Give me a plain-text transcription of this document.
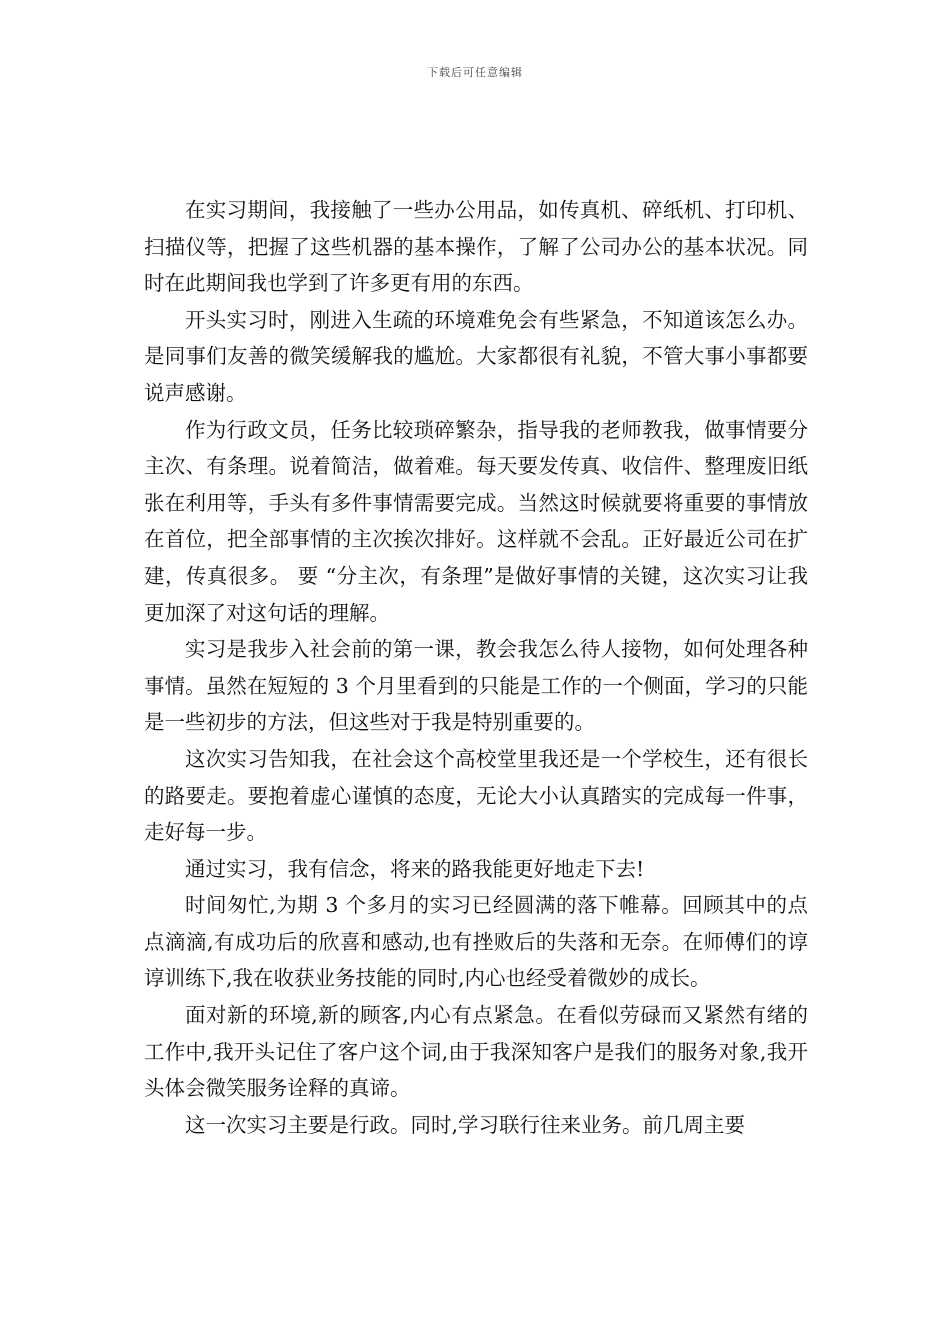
下载后可任意编辑

在实习期间，我接触了一些办公用品，如传真机、碎纸机、打印机、扫描仪等，把握了这些机器的基本操作，了解了公司办公的基本状况。同时在此期间我也学到了许多更有用的东西。

开头实习时，刚进入生疏的环境难免会有些紧急，不知道该怎么办。是同事们友善的微笑缓解我的尴尬。大家都很有礼貌，不管大事小事都要说声感谢。

作为行政文员，任务比较琐碎繁杂，指导我的老师教我，做事情要分主次、有条理。说着简洁，做着难。每天要发传真、收信件、整理废旧纸张在利用等，手头有多件事情需要完成。当然这时候就要将重要的事情放在首位，把全部事情的主次挨次排好。这样就不会乱。正好最近公司在扩建，传真很多。 要 “分主次，有条理”是做好事情的关键，这次实习让我更加深了对这句话的理解。

实习是我步入社会前的第一课，教会我怎么待人接物，如何处理各种事情。虽然在短短的 3 个月里看到的只能是工作的一个侧面，学习的只能是一些初步的方法，但这些对于我是特别重要的。

这次实习告知我，在社会这个高校堂里我还是一个学校生，还有很长的路要走。要抱着虚心谨慎的态度，无论大小认真踏实的完成每一件事，走好每一步。

通过实习，我有信念，将来的路我能更好地走下去!

时间匆忙,为期 3 个多月的实习已经圆满的落下帷幕。回顾其中的点点滴滴,有成功后的欣喜和感动,也有挫败后的失落和无奈。在师傅们的谆谆训练下,我在收获业务技能的同时,内心也经受着微妙的成长。

面对新的环境,新的顾客,内心有点紧急。在看似劳碌而又紧然有绪的工作中,我开头记住了客户这个词,由于我深知客户是我们的服务对象,我开头体会微笑服务诠释的真谛。

这一次实习主要是行政。同时,学习联行往来业务。前几周主要
